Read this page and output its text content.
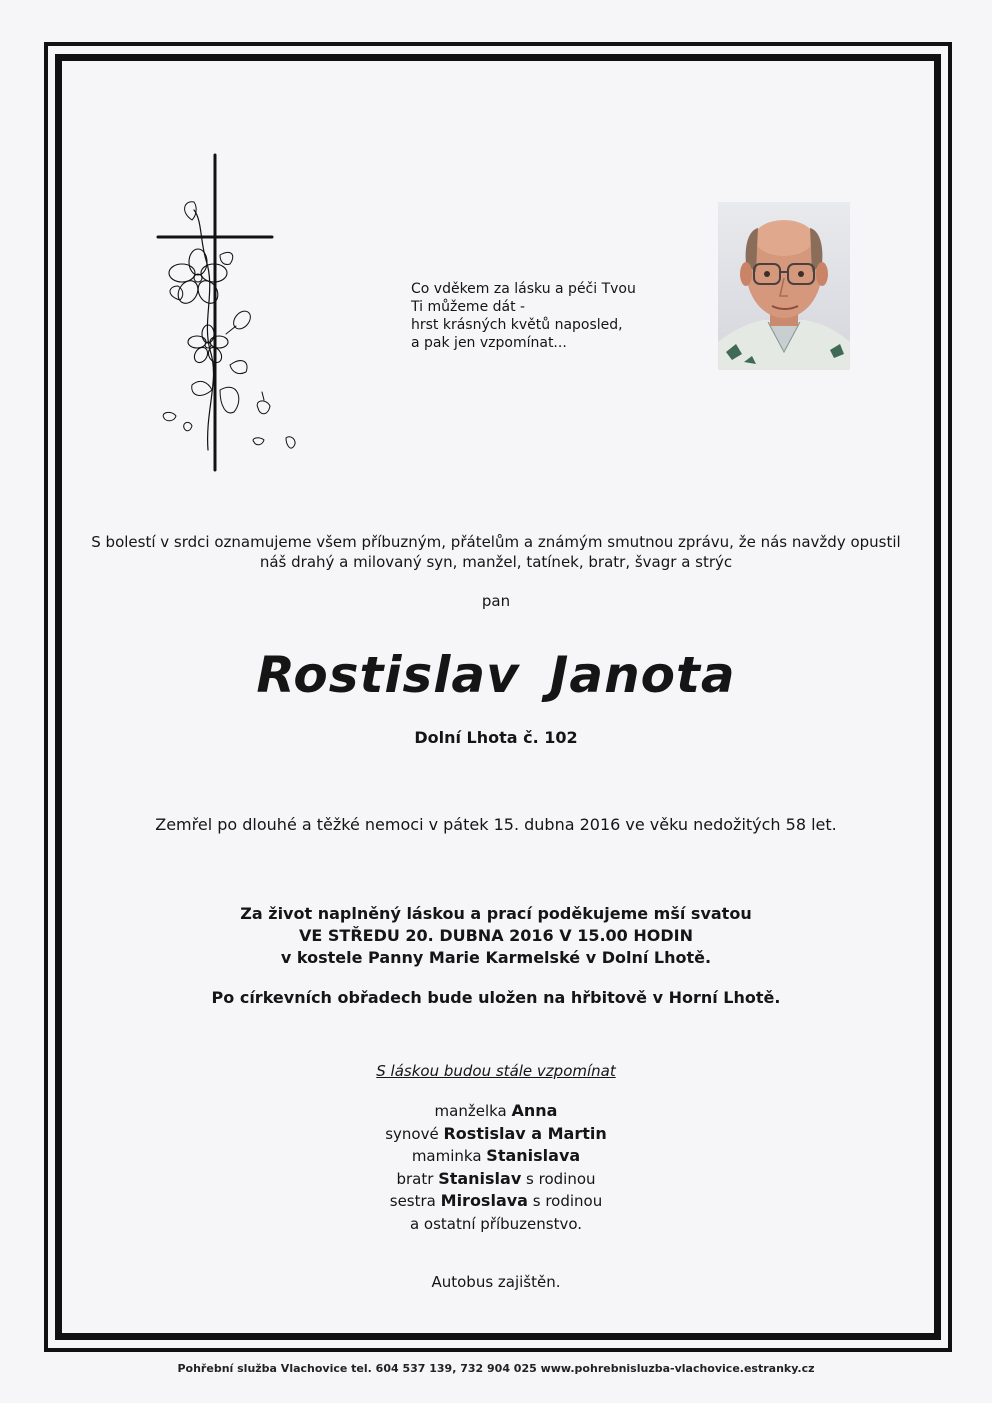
Co vděkem za lásku a péči Tvou
Ti můžeme dát -
hrst krásných květů naposled,
a pak jen vzpomínat...
S bolestí v srdci oznamujeme všem příbuzným, přátelům a známým smutnou zprávu, že nás navždy opustil
náš drahý a milovaný syn, manžel, tatínek, bratr, švagr a strýc
pan
Rostislav Janota
Dolní Lhota č. 102
Zemřel po dlouhé a těžké nemoci v pátek 15. dubna 2016 ve věku nedožitých 58 let.
Za život naplněný láskou a prací poděkujeme mší svatou
VE STŘEDU 20. DUBNA 2016 V 15.00 HODIN
v kostele Panny Marie Karmelské v Dolní Lhotě.
Po církevních obřadech bude uložen na hřbitově v Horní Lhotě.
S láskou budou stále vzpomínat
manželka Anna
synové Rostislav a Martin
maminka Stanislava
bratr Stanislav s rodinou
sestra Miroslava s rodinou
a ostatní příbuzenstvo.
Autobus zajištěn.
Pohřební služba Vlachovice tel. 604 537 139, 732 904 025 www.pohrebnisluzba-vlachovice.estranky.cz
